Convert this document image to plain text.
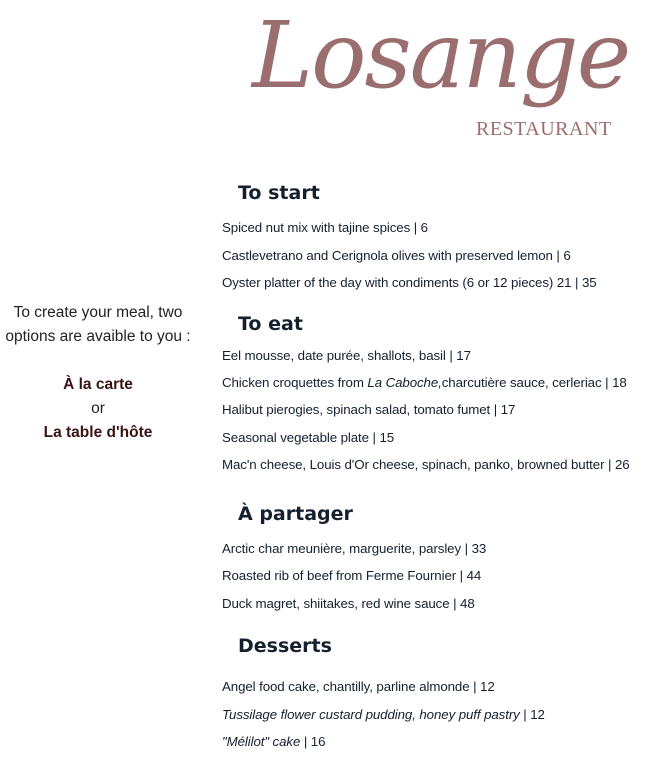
Losange
RESTAURANT
To create your meal, two options are avaible to you :
À la carte
or
La table d'hôte
To start
Spiced nut mix with tajine spices | 6
Castlevetrano and Cerignola olives with preserved lemon | 6
Oyster platter of the day with condiments (6 or 12 pieces) 21 | 35
To eat
Eel mousse, date purée, shallots, basil | 17
Chicken croquettes from La Caboche,charcutière sauce, cerleriac | 18
Halibut pierogies, spinach salad, tomato fumet | 17
Seasonal vegetable plate | 15
Mac'n cheese, Louis d'Or cheese, spinach, panko, browned butter | 26
À partager
Arctic char meunière, marguerite, parsley | 33
Roasted rib of beef from Ferme Fournier | 44
Duck magret, shiitakes, red wine sauce | 48
Desserts
Angel food cake, chantilly, parline almonde | 12
Tussilage flower custard pudding, honey puff pastry | 12
"Mélilot" cake | 16
